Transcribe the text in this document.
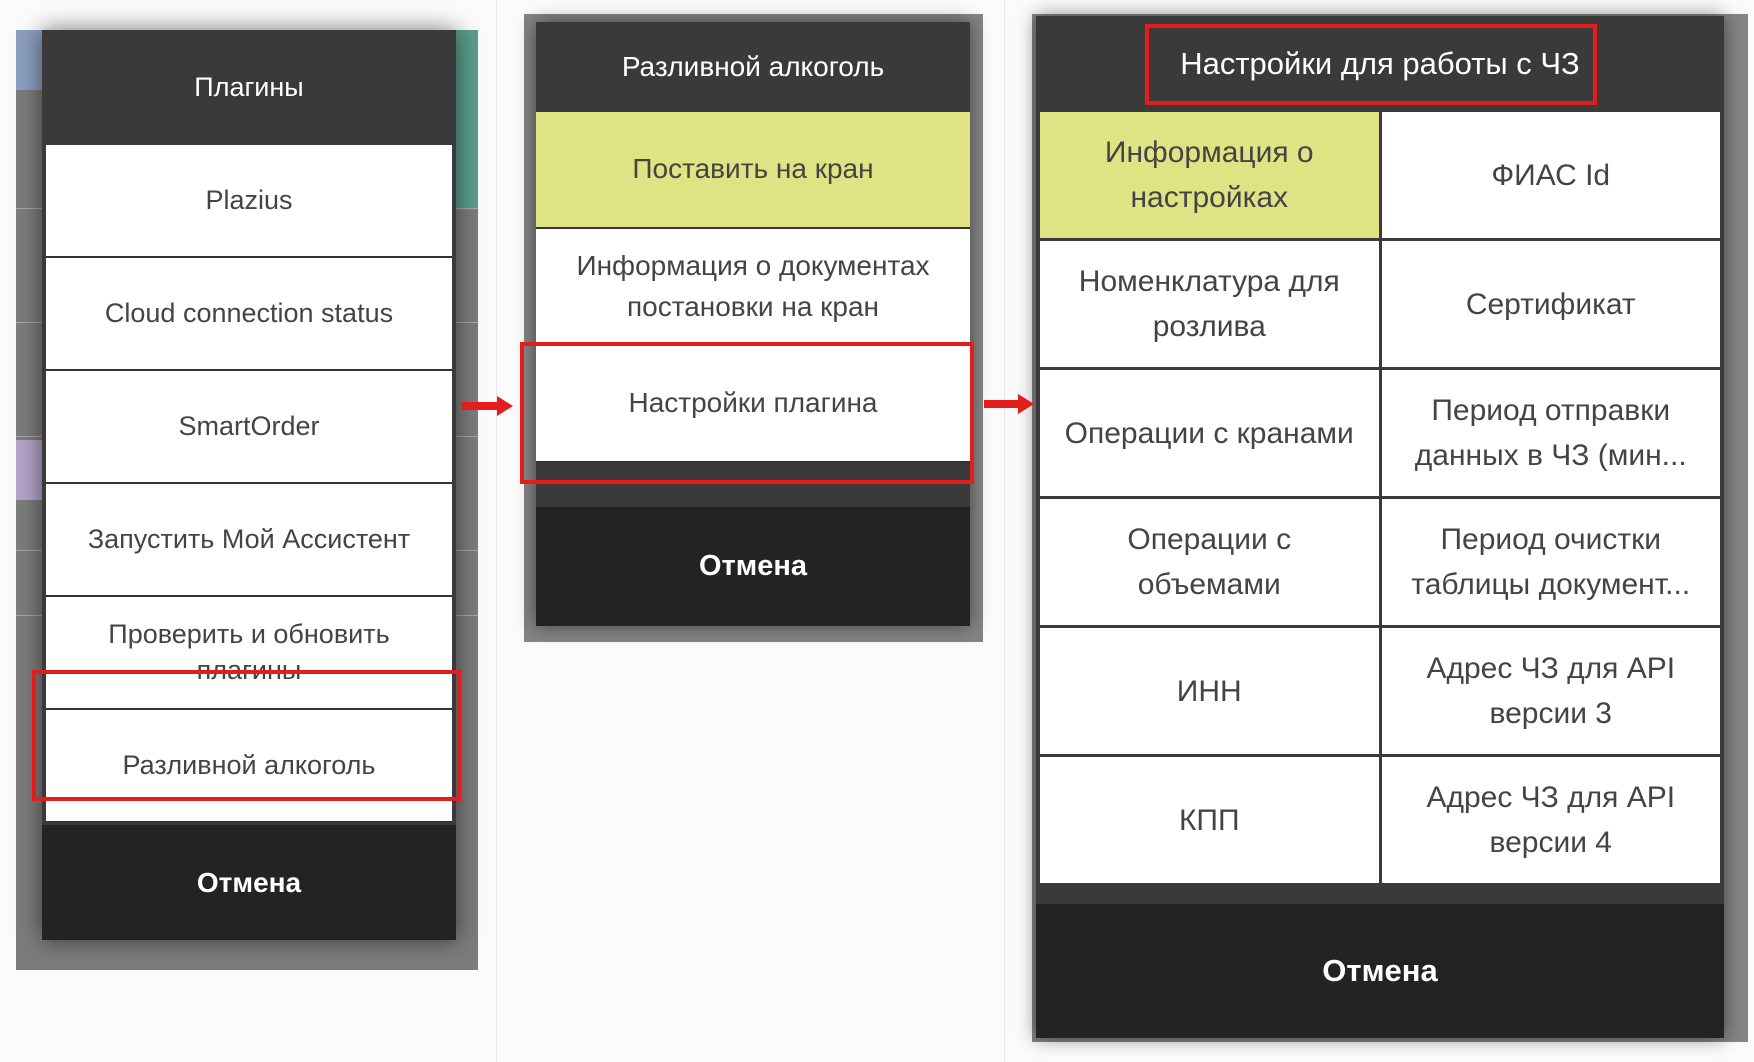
Плагины
Plazius
Cloud connection status
SmartOrder
Запустить Мой Ассистент
Проверить и обновить плагины
Разливной алкоголь
Отмена
Разливной алкоголь
Поставить на кран
Информация о документах постановки на кран
Настройки плагина
Отмена
Настройки для работы с ЧЗ
Информация о настройках
ФИАС Id
Номенклатура для розлива
Сертификат
Операции с кранами
Период отправки данных в ЧЗ (мин...
Операции с объемами
Период очистки таблицы документ...
ИНН
Адрес ЧЗ для API версии 3
КПП
Адрес ЧЗ для API версии 4
Отмена
